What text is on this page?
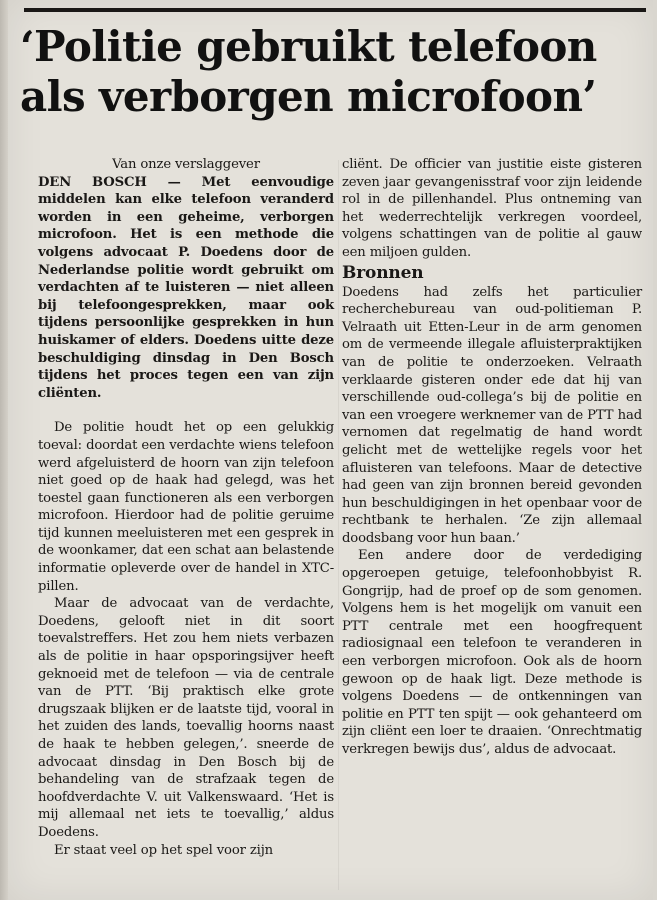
‘Politie gebruikt telefoon
als verborgen microfoon’

Van onze verslaggever

DEN BOSCH — Met eenvoudige middelen kan elke telefoon veranderd worden in een geheime, verborgen microfoon. Het is een methode die volgens advocaat P. Doedens door de Nederlandse politie wordt gebruikt om verdachten af te luisteren — niet alleen bij telefoongesprekken, maar ook tijdens persoonlijke gesprekken in hun huiskamer of elders. Doedens uitte deze beschuldiging dinsdag in Den Bosch tijdens het proces tegen een van zijn cliënten.

De politie houdt het op een gelukkig toeval: doordat een verdachte wiens telefoon werd afgeluisterd de hoorn van zijn telefoon niet goed op de haak had gelegd, was het toestel gaan functioneren als een verborgen microfoon. Hierdoor had de politie geruime tijd kunnen meeluisteren met een gesprek in de woonkamer, dat een schat aan belastende informatie opleverde over de handel in XTC-pillen.

Maar de advocaat van de verdachte, Doedens, gelooft niet in dit soort toevalstreffers. Het zou hem niets verbazen als de politie in haar opsporingsijver heeft geknoeid met de telefoon — via de centrale van de PTT. ‘Bij praktisch elke grote drugszaak blijken er de laatste tijd, vooral in het zuiden des lands, toevallig hoorns naast de haak te hebben gelegen,’. sneerde de advocaat dinsdag in Den Bosch bij de behandeling van de strafzaak tegen de hoofdverdachte V. uit Valkenswaard. ‘Het is mij allemaal net iets te toevallig,’ aldus Doedens.

Er staat veel op het spel voor zijn

cliënt. De officier van justitie eiste gisteren zeven jaar gevangenisstraf voor zijn leidende rol in de pillenhandel. Plus ontneming van het wederrechtelijk verkregen voordeel, volgens schattingen van de politie al gauw een miljoen gulden.

Bronnen

Doedens had zelfs het particulier recherchebureau van oud-politieman P. Velraath uit Etten-Leur in de arm genomen om de vermeende illegale afluisterpraktijken van de politie te onderzoeken. Velraath verklaarde gisteren onder ede dat hij van verschillende oud-collega’s bij de politie en van een vroegere werknemer van de PTT had vernomen dat regelmatig de hand wordt gelicht met de wettelijke regels voor het afluisteren van telefoons. Maar de detective had geen van zijn bronnen bereid gevonden hun beschuldigingen in het openbaar voor de rechtbank te herhalen. ‘Ze zijn allemaal doodsbang voor hun baan.’

Een andere door de verdediging opgeroepen getuige, telefoonhobbyist R. Gongrijp, had de proef op de som genomen. Volgens hem is het mogelijk om vanuit een PTT centrale met een hoogfrequent radiosignaal een telefoon te veranderen in een verborgen microfoon. Ook als de hoorn gewoon op de haak ligt. Deze methode is volgens Doedens — de ontkenningen van politie en PTT ten spijt — ook gehanteerd om zijn cliënt een loer te draaien. ‘Onrechtmatig verkregen bewijs dus’, aldus de advocaat.
